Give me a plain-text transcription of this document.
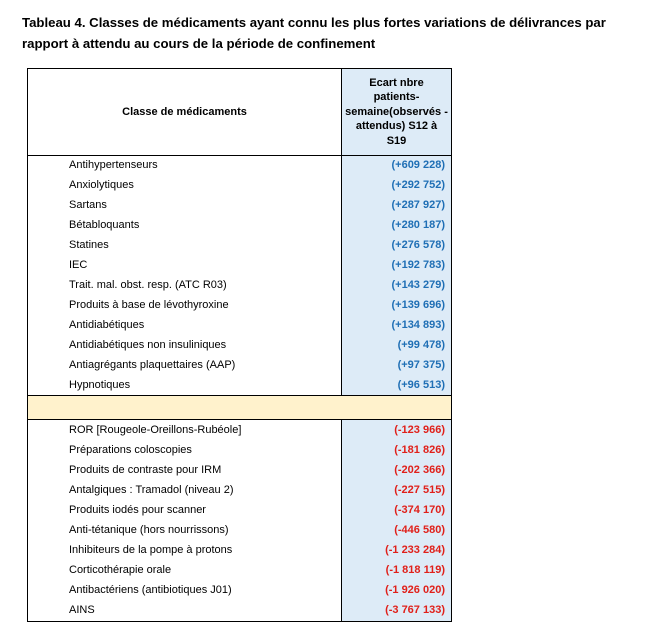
Tableau 4. Classes de médicaments ayant connu les plus fortes variations de délivrances par rapport à attendu au cours de la période de confinement
Classe de médicaments
Ecart nbre patients-semaine(observés -attendus) S12 à S19
Antihypertenseurs	(+609 228)
Anxiolytiques	(+292 752)
Sartans	(+287 927)
Bétabloquants	(+280 187)
Statines	(+276 578)
IEC	(+192 783)
Trait. mal. obst. resp. (ATC R03)	(+143 279)
Produits à base de lévothyroxine	(+139 696)
Antidiabétiques	(+134 893)
Antidiabétiques non insuliniques	(+99 478)
Antiagrégants plaquettaires (AAP)	(+97 375)
Hypnotiques	(+96 513)
ROR [Rougeole-Oreillons-Rubéole]	(-123 966)
Préparations coloscopies	(-181 826)
Produits de contraste pour IRM	(-202 366)
Antalgiques : Tramadol (niveau 2)	(-227 515)
Produits iodés pour scanner	(-374 170)
Anti-tétanique (hors nourrissons)	(-446 580)
Inhibiteurs de la pompe à protons	(-1 233 284)
Corticothérapie orale	(-1 818 119)
Antibactériens (antibiotiques J01)	(-1 926 020)
AINS	(-3 767 133)
